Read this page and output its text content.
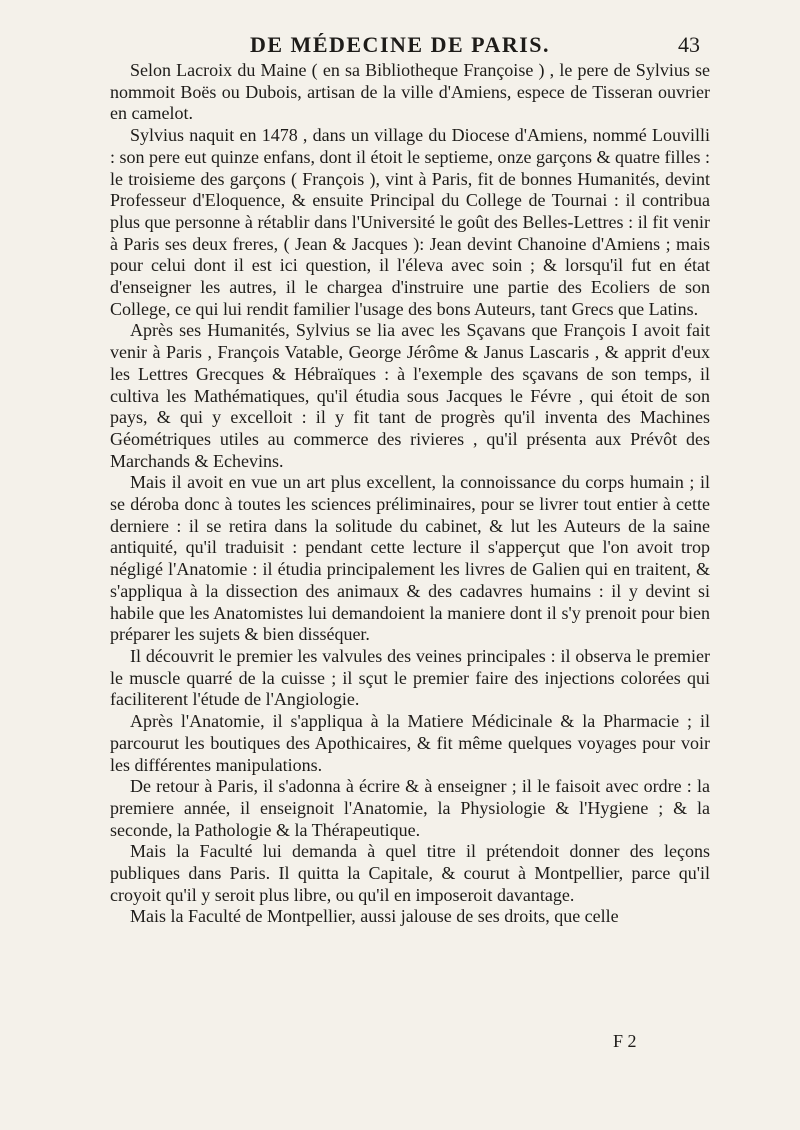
DE MÉDECINE DE PARIS.	43

Selon Lacroix du Maine ( en sa Bibliotheque Françoise ) , le pere de Sylvius se nommoit Boës ou Dubois, artisan de la ville d'Amiens, espece de Tisseran ouvrier en camelot.

Sylvius naquit en 1478 , dans un village du Diocese d'Amiens, nommé Louvilli : son pere eut quinze enfans, dont il étoit le septieme, onze garçons & quatre filles : le troisieme des garçons ( François ), vint à Paris, fit de bonnes Humanités, devint Professeur d'Eloquence, & ensuite Principal du College de Tournai : il contribua plus que personne à rétablir dans l'Université le goût des Belles-Lettres : il fit venir à Paris ses deux freres, ( Jean & Jacques ): Jean devint Chanoine d'Amiens ; mais pour celui dont il est ici question, il l'éleva avec soin ; & lorsqu'il fut en état d'enseigner les autres, il le chargea d'instruire une partie des Ecoliers de son College, ce qui lui rendit familier l'usage des bons Auteurs, tant Grecs que Latins.

Après ses Humanités, Sylvius se lia avec les Sçavans que François I avoit fait venir à Paris , François Vatable, George Jérôme & Janus Lascaris , & apprit d'eux les Lettres Grecques & Hébraïques : à l'exemple des sçavans de son temps, il cultiva les Mathématiques, qu'il étudia sous Jacques le Févre , qui étoit de son pays, & qui y excelloit : il y fit tant de progrès qu'il inventa des Machines Géométriques utiles au commerce des rivieres , qu'il présenta aux Prévôt des Marchands & Echevins.

Mais il avoit en vue un art plus excellent, la connoissance du corps humain ; il se déroba donc à toutes les sciences préliminaires, pour se livrer tout entier à cette derniere : il se retira dans la solitude du cabinet, & lut les Auteurs de la saine antiquité, qu'il traduisit : pendant cette lecture il s'apperçut que l'on avoit trop négligé l'Anatomie : il étudia principalement les livres de Galien qui en traitent, & s'appliqua à la dissection des animaux & des cadavres humains : il y devint si habile que les Anatomistes lui demandoient la maniere dont il s'y prenoit pour bien préparer les sujets & bien disséquer.

Il découvrit le premier les valvules des veines principales : il observa le premier le muscle quarré de la cuisse ; il sçut le premier faire des injections colorées qui faciliterent l'étude de l'Angiologie.

Après l'Anatomie, il s'appliqua à la Matiere Médicinale & la Pharmacie ; il parcourut les boutiques des Apothicaires, & fit même quelques voyages pour voir les différentes manipulations.

De retour à Paris, il s'adonna à écrire & à enseigner ; il le faisoit avec ordre : la premiere année, il enseignoit l'Anatomie, la Physiologie & l'Hygiene ; & la seconde, la Pathologie & la Thérapeutique.

Mais la Faculté lui demanda à quel titre il prétendoit donner des leçons publiques dans Paris. Il quitta la Capitale, & courut à Montpellier, parce qu'il croyoit qu'il y seroit plus libre, ou qu'il en imposeroit davantage.

Mais la Faculté de Montpellier, aussi jalouse de ses droits, que celle

F 2
